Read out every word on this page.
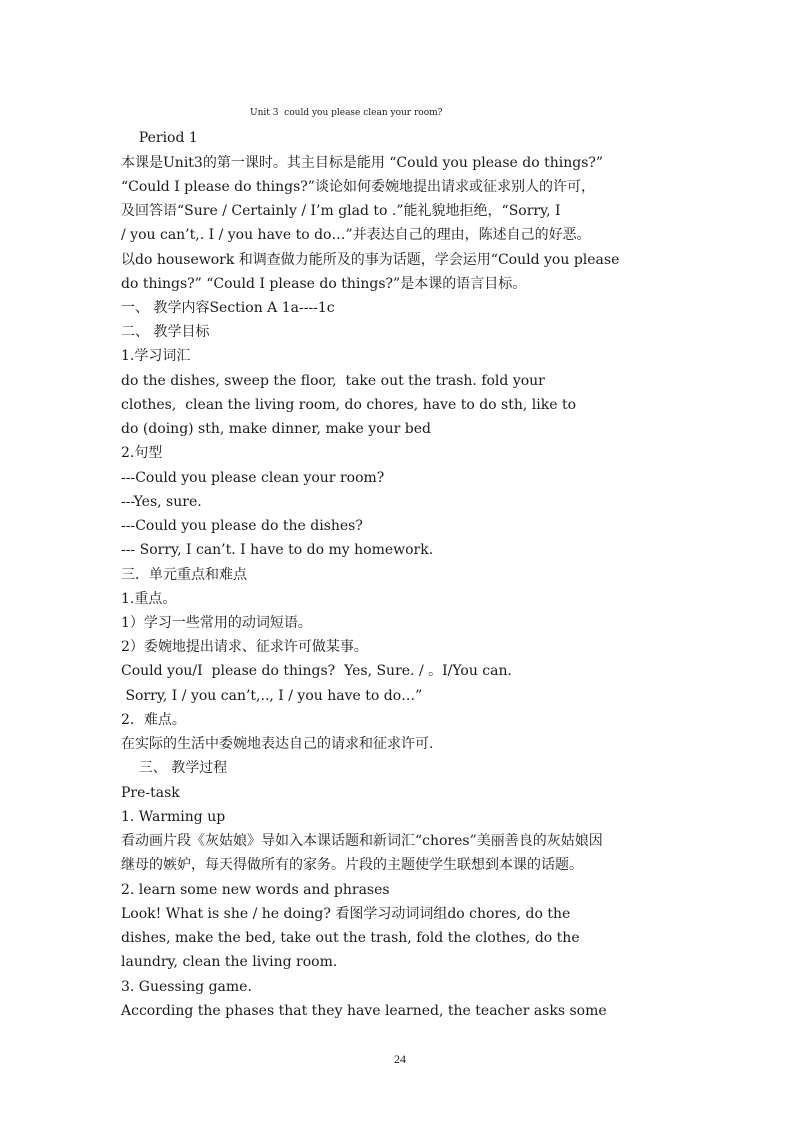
Unit 3  could you please clean your room?
Period 1
本课是Unit3的第一课时。其主目标是能用 “Could you please do things?”
“Could I please do things?”谈论如何委婉地提出请求或征求别人的许可，
及回答语“Sure / Certainly / I’m glad to .”能礼貌地拒绝，“Sorry, I
/ you can’t,. I / you have to do…”并表达自己的理由，陈述自己的好恶。
以do housework 和调查做力能所及的事为话题，学会运用“Could you please
do things?” “Could I please do things?”是本课的语言目标。
一、 教学内容Section A 1a----1c
二、 教学目标
1.学习词汇
do the dishes, sweep the floor,  take out the trash. fold your
clothes,  clean the living room, do chores, have to do sth, like to
do (doing) sth, make dinner, make your bed
2.句型
---Could you please clean your room?
---Yes, sure.
---Could you please do the dishes?
--- Sorry, I can’t. I have to do my homework.
三．单元重点和难点
1.重点。
1）学习一些常用的动词短语。
2）委婉地提出请求、征求许可做某事。
Could you/I  please do things?  Yes, Sure. / 。I/You can.
Sorry, I / you can’t,.., I / you have to do…”
2．难点。
在实际的生活中委婉地表达自己的请求和征求许可.
三、 教学过程
Pre-task
1. Warming up
看动画片段《灰姑娘》导如入本课话题和新词汇“chores”美丽善良的灰姑娘因
继母的嫉妒，每天得做所有的家务。片段的主题使学生联想到本课的话题。
2. learn some new words and phrases
Look! What is she / he doing? 看图学习动词词组do chores, do the
dishes, make the bed, take out the trash, fold the clothes, do the
laundry, clean the living room.
3. Guessing game.
According the phases that they have learned, the teacher asks some
24
